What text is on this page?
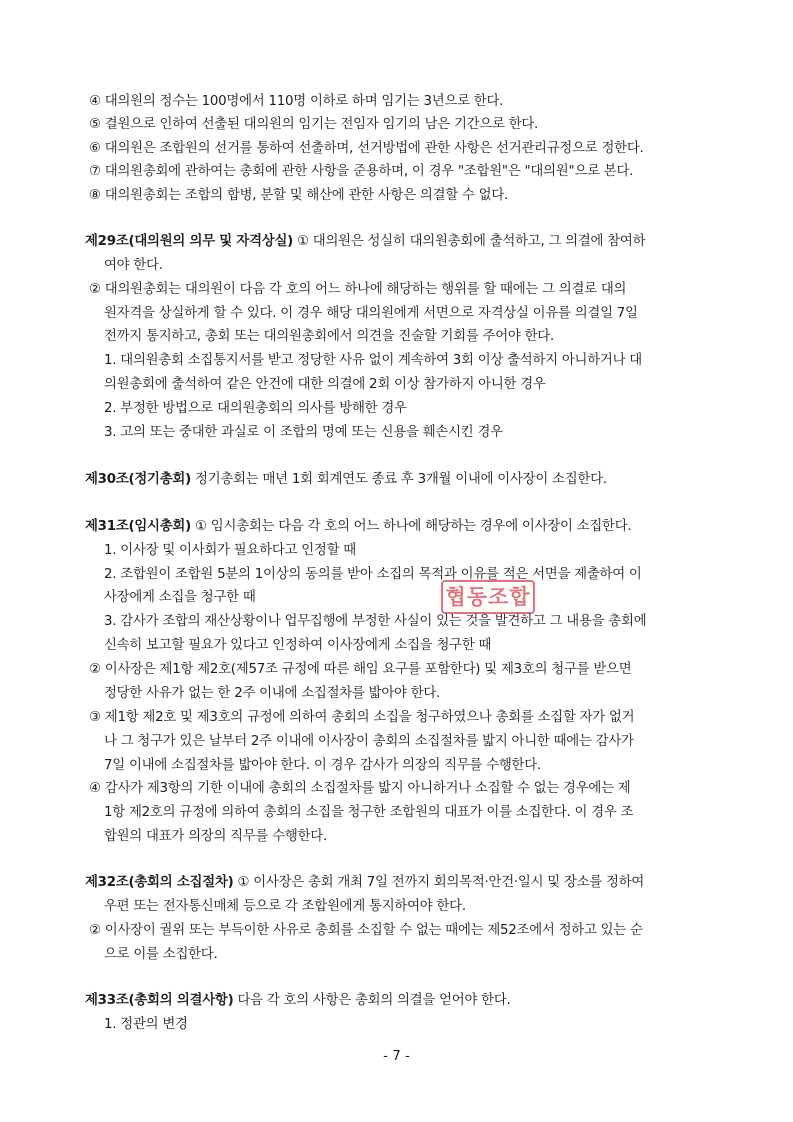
④ 대의원의 정수는 100명에서 110명 이하로 하며 임기는 3년으로 한다.
⑤ 결원으로 인하여 선출된 대의원의 임기는 전임자 임기의 남은 기간으로 한다.
⑥ 대의원은 조합원의 선거를 통하여 선출하며, 선거방법에 관한 사항은 선거관리규정으로 정한다.
⑦ 대의원총회에 관하여는 총회에 관한 사항을 준용하며, 이 경우 "조합원"은 "대의원"으로 본다.
⑧ 대의원총회는 조합의 합병, 분할 및 해산에 관한 사항은 의결할 수 없다.
제29조(대의원의 의무 및 자격상실) ① 대의원은 성실히 대의원총회에 출석하고, 그 의결에 참여하
여야 한다.
② 대의원총회는 대의원이 다음 각 호의 어느 하나에 해당하는 행위를 할 때에는 그 의결로 대의
원자격을 상실하게 할 수 있다. 이 경우 해당 대의원에게 서면으로 자격상실 이유를 의결일 7일
전까지 통지하고, 총회 또는 대의원총회에서 의견을 진술할 기회를 주어야 한다.
1. 대의원총회 소집통지서를 받고 정당한 사유 없이 계속하여 3회 이상 출석하지 아니하거나 대
의원총회에 출석하여 같은 안건에 대한 의결에 2회 이상 참가하지 아니한 경우
2. 부정한 방법으로 대의원총회의 의사를 방해한 경우
3. 고의 또는 중대한 과실로 이 조합의 명예 또는 신용을 훼손시킨 경우
제30조(정기총회) 정기총회는 매년 1회 회계연도 종료 후 3개월 이내에 이사장이 소집한다.
제31조(임시총회) ① 임시총회는 다음 각 호의 어느 하나에 해당하는 경우에 이사장이 소집한다.
1. 이사장 및 이사회가 필요하다고 인정할 때
2. 조합원이 조합원 5분의 1이상의 동의를 받아 소집의 목적과 이유를 적은 서면을 제출하여 이
사장에게 소집을 청구한 때
3. 감사가 조합의 재산상황이나 업무집행에 부정한 사실이 있는 것을 발견하고 그 내용을 총회에
신속히 보고할 필요가 있다고 인정하여 이사장에게 소집을 청구한 때
② 이사장은 제1항 제2호(제57조 규정에 따른 해임 요구를 포함한다) 및 제3호의 청구를 받으면
정당한 사유가 없는 한 2주 이내에 소집절차를 밟아야 한다.
③ 제1항 제2호 및 제3호의 규정에 의하여 총회의 소집을 청구하였으나 총회를 소집할 자가 없거
나 그 청구가 있은 날부터 2주 이내에 이사장이 총회의 소집절차를 밟지 아니한 때에는 감사가
7일 이내에 소집절차를 밟아야 한다. 이 경우 감사가 의장의 직무를 수행한다.
④ 감사가 제3항의 기한 이내에 총회의 소집절차를 밟지 아니하거나 소집할 수 없는 경우에는 제
1항 제2호의 규정에 의하여 총회의 소집을 청구한 조합원의 대표가 이를 소집한다. 이 경우 조
합원의 대표가 의장의 직무를 수행한다.
제32조(총회의 소집절차) ① 이사장은 총회 개최 7일 전까지 회의목적·안건·일시 및 장소를 정하여
우편 또는 전자통신매체 등으로 각 조합원에게 통지하여야 한다.
② 이사장이 궐위 또는 부득이한 사유로 총회를 소집할 수 없는 때에는 제52조에서 정하고 있는 순
으로 이를 소집한다.
제33조(총회의 의결사항) 다음 각 호의 사항은 총회의 의결을 얻어야 한다.
1. 정관의 변경
협동조합
- 7 -
